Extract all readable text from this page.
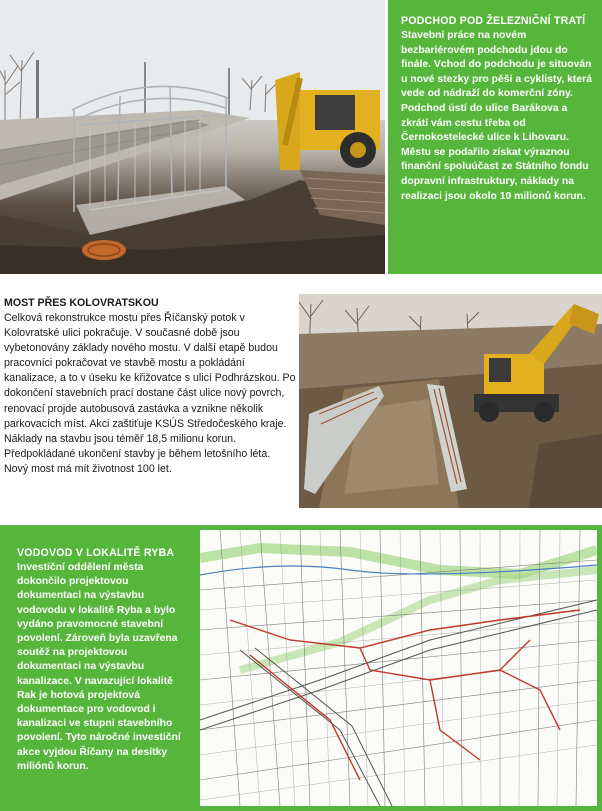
PODCHOD POD ŽELEZNIČNÍ TRATÍ

Stavební práce na novém bezbariérovém podchodu jdou do finále. Vchod do podchodu je situován u nové stezky pro pěší a cyklisty, která vede od nádraží do komerční zóny. Podchod ústí do ulice Barákova a zkrátí vám cestu třeba od Černokostelecké ulice k Lihovaru. Městu se podařilo získat výraznou finanční spoluúčast ze Státního fondu dopravní infrastruktury, náklady na realizaci jsou okolo 10 milionů korun.

MOST PŘES KOLOVRATSKOU

Celková rekonstrukce mostu přes Říčanský potok v Kolovratské ulici pokračuje. V současné době jsou vybetonovány základy nového mostu. V další etapě budou pracovníci pokračovat ve stavbě mostu a pokládání kanalizace, a to v úseku ke křižovatce s ulicí Podhrázskou. Po dokončení stavebních prací dostane část ulice nový povrch, renovací projde autobusová zastávka a vznikne několik parkovacích míst. Akci zaštiťuje KSÚS Středočeského kraje. Náklady na stavbu jsou téměř 18,5 milionu korun. Předpokládané ukončení stavby je během letošního léta. Nový most má mít životnost 100 let.

VODOVOD V LOKALITĚ RYBA

Investiční oddělení města dokončilo projektovou dokumentaci na výstavbu vodovodu v lokalitě Ryba a bylo vydáno pravomocné stavební povolení. Zároveň byla uzavřena soutěž na projektovou dokumentaci na výstavbu kanalizace. V navazující lokalitě Rak je hotová projektová dokumentace pro vodovod i kanalizaci ve stupni stavebního povolení. Tyto náročné investiční akce vyjdou Říčany na desítky miliónů korun.
